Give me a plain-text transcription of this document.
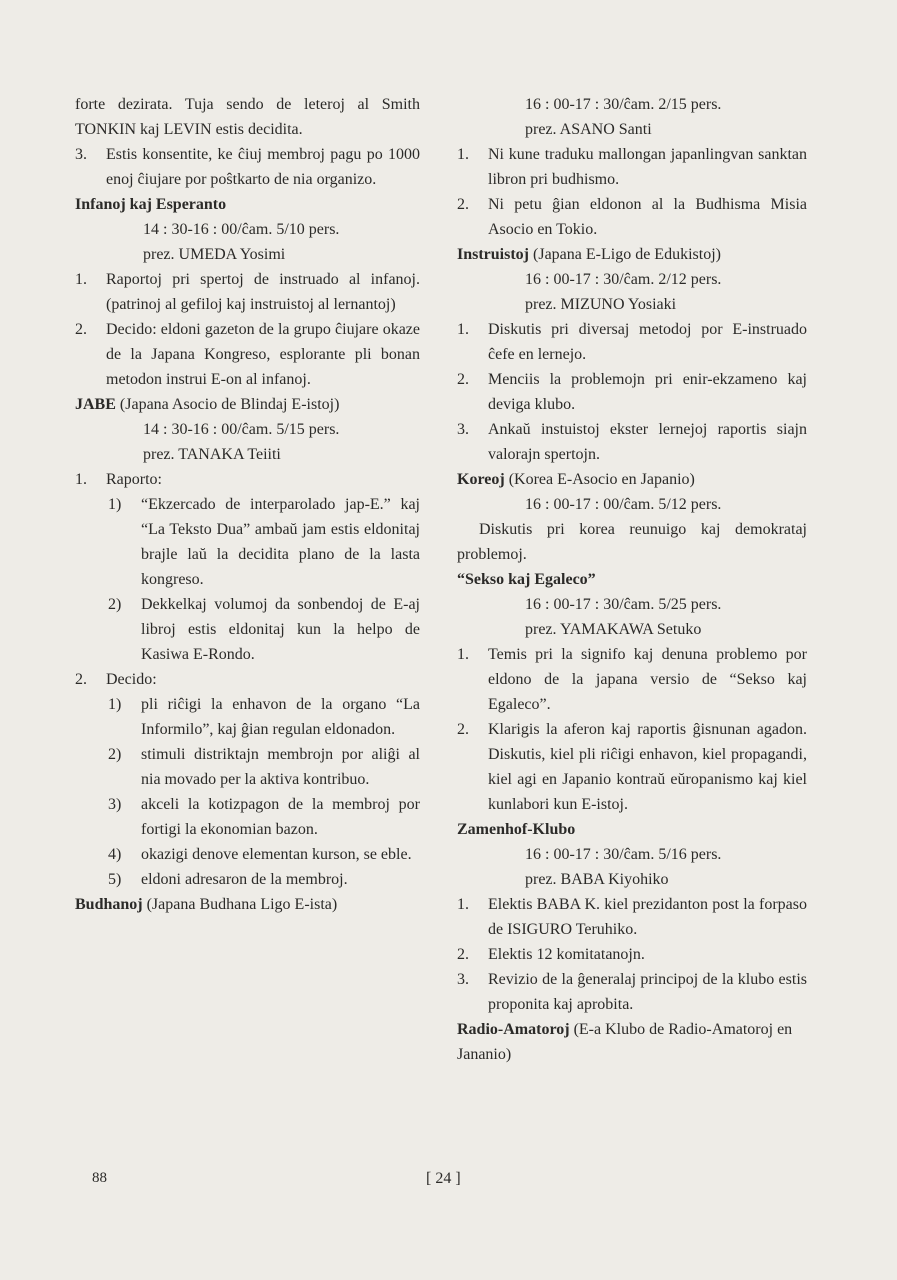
forte dezirata. Tuja sendo de leteroj al Smith TONKIN kaj LEVIN estis decidita.
3. Estis konsentite, ke ĉiuj membroj pagu po 1000 enoj ĉiujare por poŝtkarto de nia organizo.
Infanoj kaj Esperanto
14 : 30-16 : 00/ĉam. 5/10 pers.
prez. UMEDA Yosimi
1. Raportoj pri spertoj de instruado al infanoj. (patrinoj al gefiloj kaj instruistoj al lernantoj)
2. Decido: eldoni gazeton de la grupo ĉiujare okaze de la Japana Kongreso, esplorante pli bonan metodon instrui E-on al infanoj.
JABE (Japana Asocio de Blindaj E-istoj)
14 : 30-16 : 00/ĉam. 5/15 pers.
prez. TANAKA Teiiti
1. Raporto:
1) “Ekzercado de interparolado jap-E.” kaj “La Teksto Dua” ambaŭ jam estis eldonitaj brajle laŭ la decidita plano de la lasta kongreso.
2) Dekkelkaj volumoj da sonbendoj de E-aj libroj estis eldonitaj kun la helpo de Kasiwa E-Rondo.
2. Decido:
1) pli riĉigi la enhavon de la organo “La Informilo”, kaj ĝian regulan eldonadon.
2) stimuli distriktajn membrojn por aliĝi al nia movado per la aktiva kontribuo.
3) akceli la kotizpagon de la membroj por fortigi la ekonomian bazon.
4) okazigi denove elementan kurson, se eble.
5) eldoni adresaron de la membroj.
Budhanoj (Japana Budhana Ligo E-ista)
16 : 00-17 : 30/ĉam. 2/15 pers.
prez. ASANO Santi
1. Ni kune traduku mallongan japanlingvan sanktan libron pri budhismo.
2. Ni petu ĝian eldonon al la Budhisma Misia Asocio en Tokio.
Instruistoj (Japana E-Ligo de Edukistoj)
16 : 00-17 : 30/ĉam. 2/12 pers.
prez. MIZUNO Yosiaki
1. Diskutis pri diversaj metodoj por E-instruado ĉefe en lernejo.
2. Menciis la problemojn pri enir-ekzameno kaj deviga klubo.
3. Ankaŭ instuistoj ekster lernejoj raportis siajn valorajn spertojn.
Koreoj (Korea E-Asocio en Japanio)
16 : 00-17 : 00/ĉam. 5/12 pers.
Diskutis pri korea reunuigo kaj demokrataj problemoj.
“Sekso kaj Egaleco”
16 : 00-17 : 30/ĉam. 5/25 pers.
prez. YAMAKAWA Setuko
1. Temis pri la signifo kaj denuna problemo por eldono de la japana versio de “Sekso kaj Egaleco”.
2. Klarigis la aferon kaj raportis ĝisnunan agadon. Diskutis, kiel pli riĉigi enhavon, kiel propagandi, kiel agi en Japanio kontraŭ eŭropanismo kaj kiel kunlabori kun E-istoj.
Zamenhof-Klubo
16 : 00-17 : 30/ĉam. 5/16 pers.
prez. BABA Kiyohiko
1. Elektis BABA K. kiel prezidanton post la forpaso de ISIGURO Teruhiko.
2. Elektis 12 komitatanojn.
3. Revizio de la ĝeneralaj principoj de la klubo estis proponita kaj aprobita.
Radio-Amatoroj (E-a Klubo de Radio-Amatoroj en Jananio)
88	[ 24 ]
